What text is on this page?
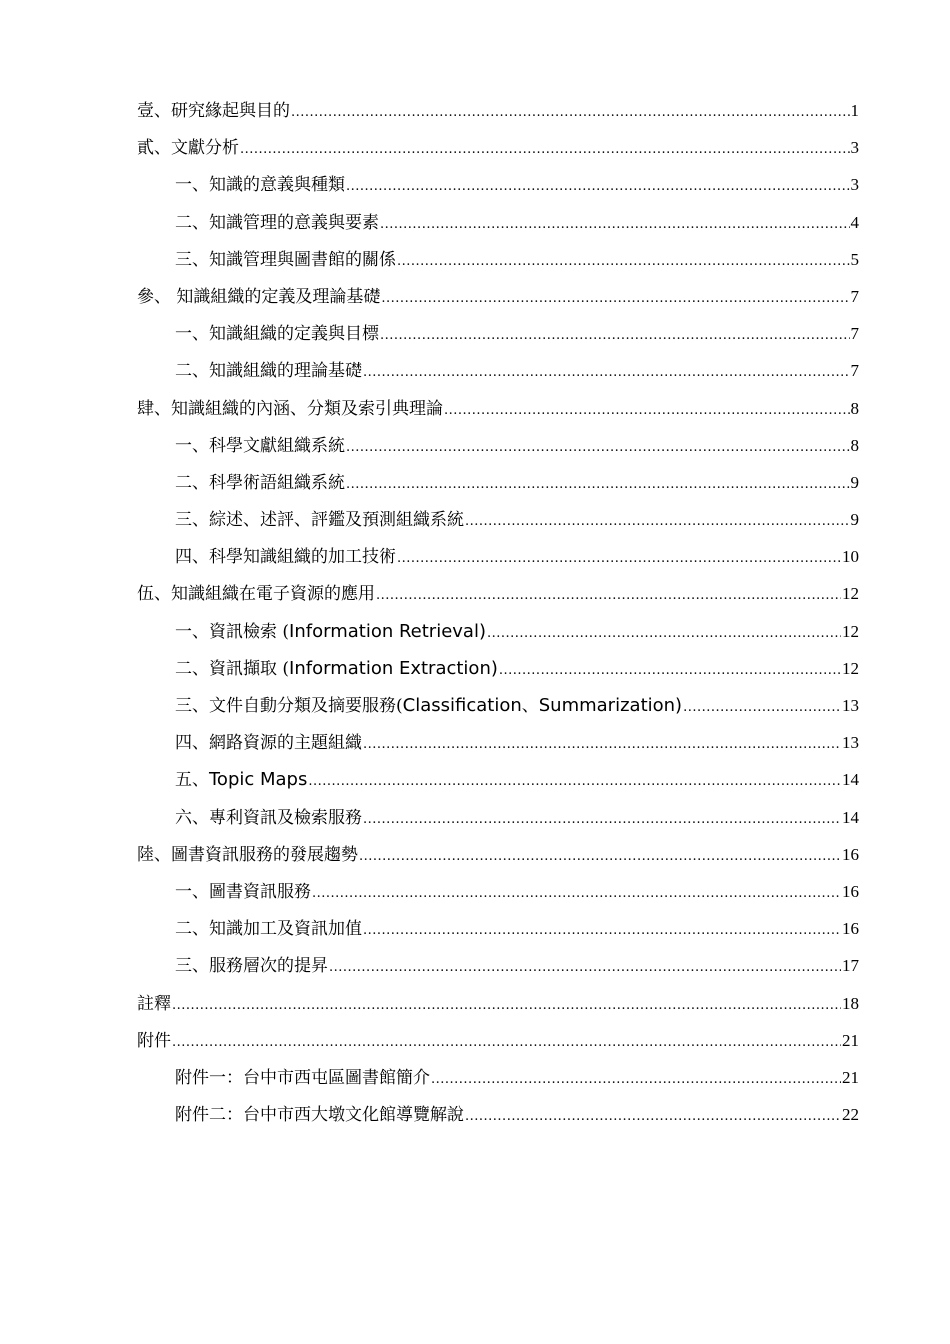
壹、研究緣起與目的 .....	1
貳、文獻分析 .....	3
一、知識的意義與種類 .....	3
二、知識管理的意義與要素 .....	4
三、知識管理與圖書館的關係 .....	5
參、 知識組織的定義及理論基礎 .....	7
一、知識組織的定義與目標 .....	7
二、知識組織的理論基礎 .....	7
肆、知識組織的內涵、分類及索引典理論 .....	8
一、科學文獻組織系統 .....	8
二、科學術語組織系統 .....	9
三、綜述、述評、評鑑及預測組織系統 .....	9
四、科學知識組織的加工技術 .....	10
伍、知識組織在電子資源的應用 .....	12
一、資訊檢索 (Information Retrieval) .....	12
二、資訊擷取 (Information Extraction) .....	12
三、文件自動分類及摘要服務(Classification、Summarization) .....	13
四、網路資源的主題組織 .....	13
五、Topic Maps .....	14
六、專利資訊及檢索服務 .....	14
陸、圖書資訊服務的發展趨勢 .....	16
一、圖書資訊服務 .....	16
二、知識加工及資訊加值 .....	16
三、服務層次的提昇 .....	17
註釋 .....	18
附件 .....	21
附件一：台中市西屯區圖書館簡介 .....	21
附件二：台中市西大墩文化館導覽解說 .....	22
